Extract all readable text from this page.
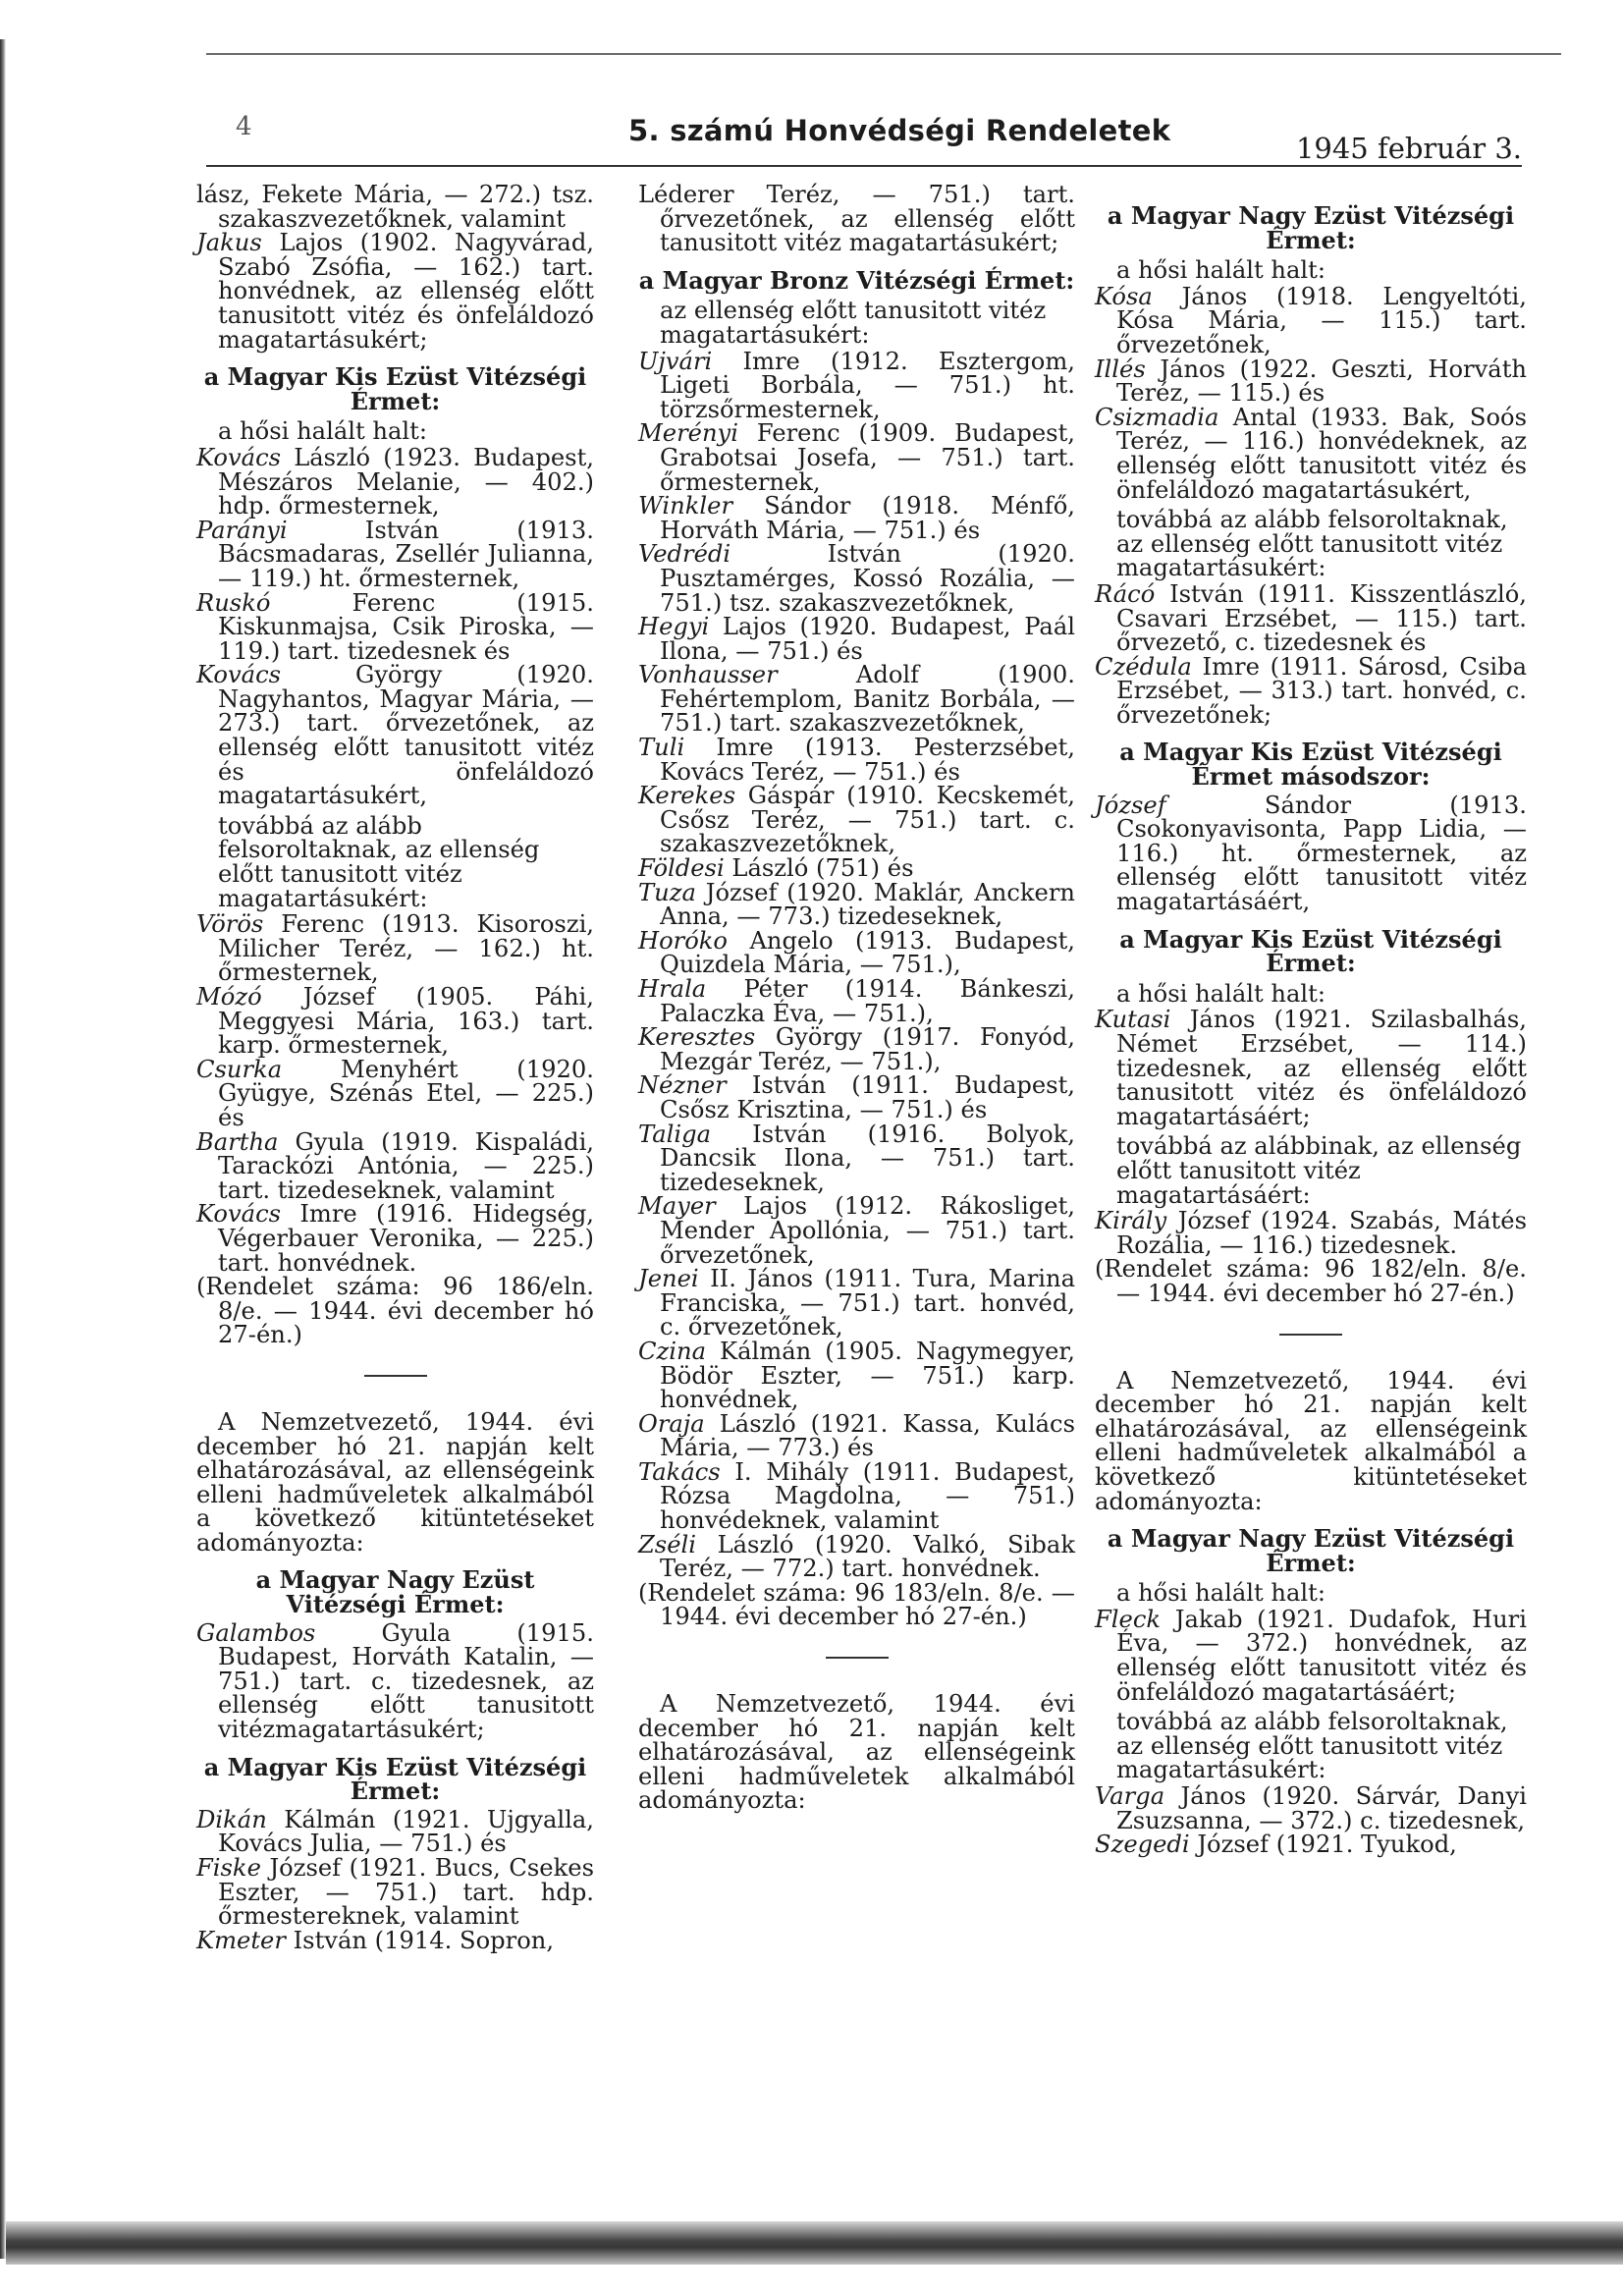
4	5. számú Honvédségi Rendeletek
1945 február 3.

lász, Fekete Mária, — 272.) tsz. szakaszvezetőknek, valamint

Jakus Lajos (1902. Nagyvárad, Szabó Zsófia, — 162.) tart. honvédnek, az ellenség előtt tanusitott vitéz és önfeláldozó magatartásukért;

a Magyar Kis Ezüst Vitézségi Érmet:
a hősi halált halt:

Kovács László (1923. Budapest, Mészáros Melanie, — 402.) hdp. őrmesternek,

Parányi	István (1913. Bácsmadaras, Zsellér Julianna, — 119.) ht. őrmesternek,

Ruskó	Ferenc (1915. Kiskunmajsa, Csik Piroska, — 119.) tart. tizedesnek és

Kovács	György (1920. Nagyhantos, Magyar Mária, — 273.) tart. őrvezetőnek, az ellenség előtt tanusitott vitéz és önfeláldozó magatartásukért,

továbbá az alább felsoroltaknak, az ellenség előtt tanusitott vitéz magatartásukért:

Vörös Ferenc (1913. Kisoroszi, Milicher Teréz, — 162.) ht. őrmesternek,

Mózó József (1905. Páhi, Meggyesi Mária, 163.) tart. karp. őrmesternek,

Csurka Menyhért (1920. Gyügye, Szénás Etel, — 225.) és

Bartha Gyula (1919. Kispaládi, Tarackózi Antónia, — 225.) tart. tizedeseknek, valamint

Kovács Imre (1916. Hidegség, Végerbauer Veronika, — 225.) tart. honvédnek.

(Rendelet száma: 96 186/eln. 8/e. — 1944. évi december hó 27-én.)

A Nemzetvezető, 1944. évi december hó 21. napján kelt elhatározásával, az ellenségeink elleni hadműveletek alkalmából a következő kitüntetéseket adományozta:

a Magyar Nagy Ezüst Vitézségi Érmet:

Galambos	Gyula (1915. Budapest, Horváth Katalin, — 751.) tart. c. tizedesnek, az ellenség előtt tanusitott vitézmagatartásukért;

a Magyar Kis Ezüst Vitézségi Érmet:

Dikán Kálmán (1921. Ujgyalla, Kovács Julia, — 751.) és

Fiske József (1921. Bucs, Csekes Eszter, — 751.) tart. hdp. őrmestereknek, valamint

Kmeter István (1914. Sopron,

Léderer Teréz, — 751.) tart. őrvezetőnek, az ellenség előtt tanusitott vitéz magatartásukért;

a Magyar Bronz Vitézségi Érmet:
az ellenség előtt tanusitott vitéz magatartásukért:

Ujvári Imre (1912. Esztergom, Ligeti Borbála, — 751.) ht. törzsőrmesternek,

Merényi Ferenc (1909. Budapest, Grabotsai Josefa, — 751.) tart. őrmesternek,

Winkler Sándor (1918. Ménfő, Horváth Mária, — 751.) és

Vedrédi	István (1920. Pusztamérges, Kossó Rozália, — 751.) tsz. szakaszvezetőknek,

Hegyi Lajos (1920. Budapest, Paál Ilona, — 751.) és

Vonhausser	Adolf (1900. Fehértemplom, Banitz Borbála, — 751.) tart. szakaszvezetőknek,

Tuli Imre (1913. Pesterzsébet, Kovács Teréz, — 751.) és

Kerekes Gáspár (1910. Kecskemét, Csősz Teréz, — 751.) tart. c. szakaszvezetőknek,

Földesi László (751) és

Tuza József (1920. Maklár, Anckern Anna, — 773.) tizedeseknek,

Horóko Angelo (1913. Budapest, Quizdela Mária, — 751.),

Hrala Péter (1914. Bánkeszi, Palaczka Éva, — 751.),

Keresztes György (1917. Fonyód, Mezgár Teréz, — 751.),

Nézner István (1911. Budapest, Csősz Krisztina, — 751.) és

Taliga István (1916. Bolyok, Dancsik Ilona, — 751.) tart. tizedeseknek,

Mayer Lajos (1912. Rákosliget, Mender Apollónia, — 751.) tart. őrvezetőnek,

Jenei II. János (1911. Tura, Marina Franciska, — 751.) tart. honvéd, c. őrvezetőnek,

Czina Kálmán (1905. Nagymegyer, Bödör Eszter, — 751.) karp. honvédnek,

Oraja László (1921. Kassa, Kulács Mária, — 773.) és

Takács I. Mihály (1911. Budapest, Rózsa Magdolna, — 751.) honvédeknek, valamint

Zséli László (1920. Valkó, Sibak Teréz, — 772.) tart. honvédnek.

(Rendelet száma: 96 183/eln. 8/e. — 1944. évi december hó 27-én.)

A Nemzetvezető, 1944. évi december hó 21. napján kelt elhatározásával, az ellenségeink elleni hadműveletek alkalmából adományozta:

a Magyar Nagy Ezüst Vitézségi Érmet:
a hősi halált halt:

Kósa János (1918. Lengyeltóti, Kósa Mária, — 115.) tart. őrvezetőnek,

Illés János (1922. Geszti, Horváth Teréz, — 115.) és

Csizmadia Antal (1933. Bak, Soós Teréz, — 116.) honvédeknek, az ellenség előtt tanusitott vitéz és önfeláldozó magatartásukért,

továbbá az alább felsoroltaknak, az ellenség előtt tanusitott vitéz magatartásukért:

Rácó István (1911. Kisszentlászló, Csavari Erzsébet, — 115.) tart. őrvezető, c. tizedesnek és

Czédula Imre (1911. Sárosd, Csiba Erzsébet, — 313.) tart. honvéd, c. őrvezetőnek;

a Magyar Kis Ezüst Vitézségi Érmet másodszor:

József	Sándor (1913. Csokonyavisonta, Papp Lidia, — 116.) ht. őrmesternek, az ellenség előtt tanusitott vitéz magatartásáért,

a Magyar Kis Ezüst Vitézségi Érmet:
a hősi halált halt:

Kutasi János (1921. Szilasbalhás, Német Erzsébet, — 114.) tizedesnek, az ellenség előtt tanusitott vitéz és önfeláldozó magatartásáért;

továbbá az alábbinak, az ellenség előtt tanusitott vitéz magatartásáért:

Király József (1924. Szabás, Mátés Rozália, — 116.) tizedesnek.

(Rendelet száma: 96 182/eln. 8/e. — 1944. évi december hó 27-én.)

A Nemzetvezető, 1944. évi december hó 21. napján kelt elhatározásával, az ellenségeink elleni hadműveletek alkalmából a következő kitüntetéseket adományozta:

a Magyar Nagy Ezüst Vitézségi Érmet:
a hősi halált halt:

Fleck Jakab (1921. Dudafok, Huri Éva, — 372.) honvédnek, az ellenség előtt tanusitott vitéz és önfeláldozó magatartásáért;

továbbá az alább felsoroltaknak, az ellenség előtt tanusitott vitéz magatartásukért:

Varga János (1920. Sárvár, Danyi Zsuzsanna, — 372.) c. tizedesnek,

Szegedi József (1921. Tyukod,
